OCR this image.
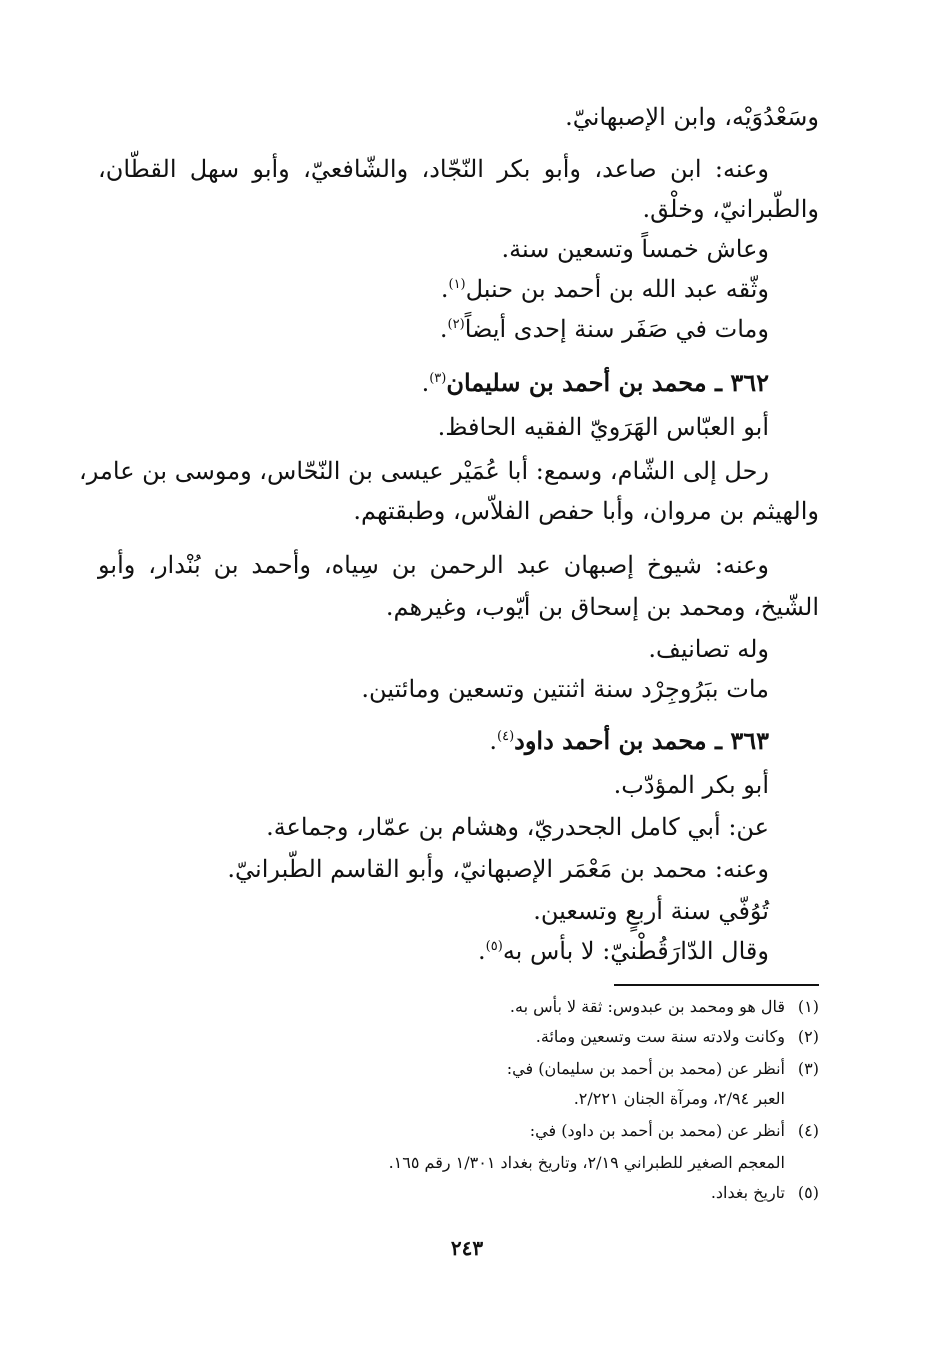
وسَعْدُوَيْه، وابن الإصبهانيّ.
وعنه: ابن صاعد، وأبو بكر النّجّاد، والشّافعيّ، وأبو سهل القطّان،
والطّبرانيّ، وخلْق.
وعاش خمساً وتسعين سنة.
وثّقه عبد الله بن أحمد بن حنبل$^{(١)}$.
ومات في صَفَر سنة إحدى أيضاً$^{(٢)}$.
٣٦٢ ـ محمد بن أحمد بن سليمان$^{(٣)}$.
أبو العبّاس الهَرَويّ الفقيه الحافظ.
رحل إلى الشّام، وسمع: أبا عُمَيْر عيسى بن النّحّاس، وموسى بن عامر،
والهيثم بن مروان، وأبا حفص الفلاّس، وطبقتهم.
وعنه: شيوخ إصبهان عبد الرحمن بن سِياه، وأحمد بن بُنْدار، وأبو
الشّيخ، ومحمد بن إسحاق بن أيّوب، وغيرهم.
وله تصانيف.
مات ببَرُوجِرْد سنة اثنتين وتسعين ومائتين.
٣٦٣ ـ محمد بن أحمد داود$^{(٤)}$.
أبو بكر المؤدّب.
عن: أبي كامل الجحدريّ، وهشام بن عمّار، وجماعة.
وعنه: محمد بن مَعْمَر الإصبهانيّ، وأبو القاسم الطّبرانيّ.
تُوُفّي سنة أربعٍ وتسعين.
وقال الدّارَقُطْنيّ: لا بأس به$^{(٥)}$.
(١)قال هو ومحمد بن عبدوس: ثقة لا بأس به.
(٢)وكانت ولادته سنة ست وتسعين ومائة.
(٣)أنظر عن (محمد بن أحمد بن سليمان) في:
العبر ٢/٩٤، ومرآة الجنان ٢/٢٢١.
(٤)أنظر عن (محمد بن أحمد بن داود) في:
المعجم الصغير للطبراني ٢/١٩، وتاريخ بغداد ١/٣٠١ رقم ١٦٥.
(٥)تاريخ بغداد.
٢٤٣
